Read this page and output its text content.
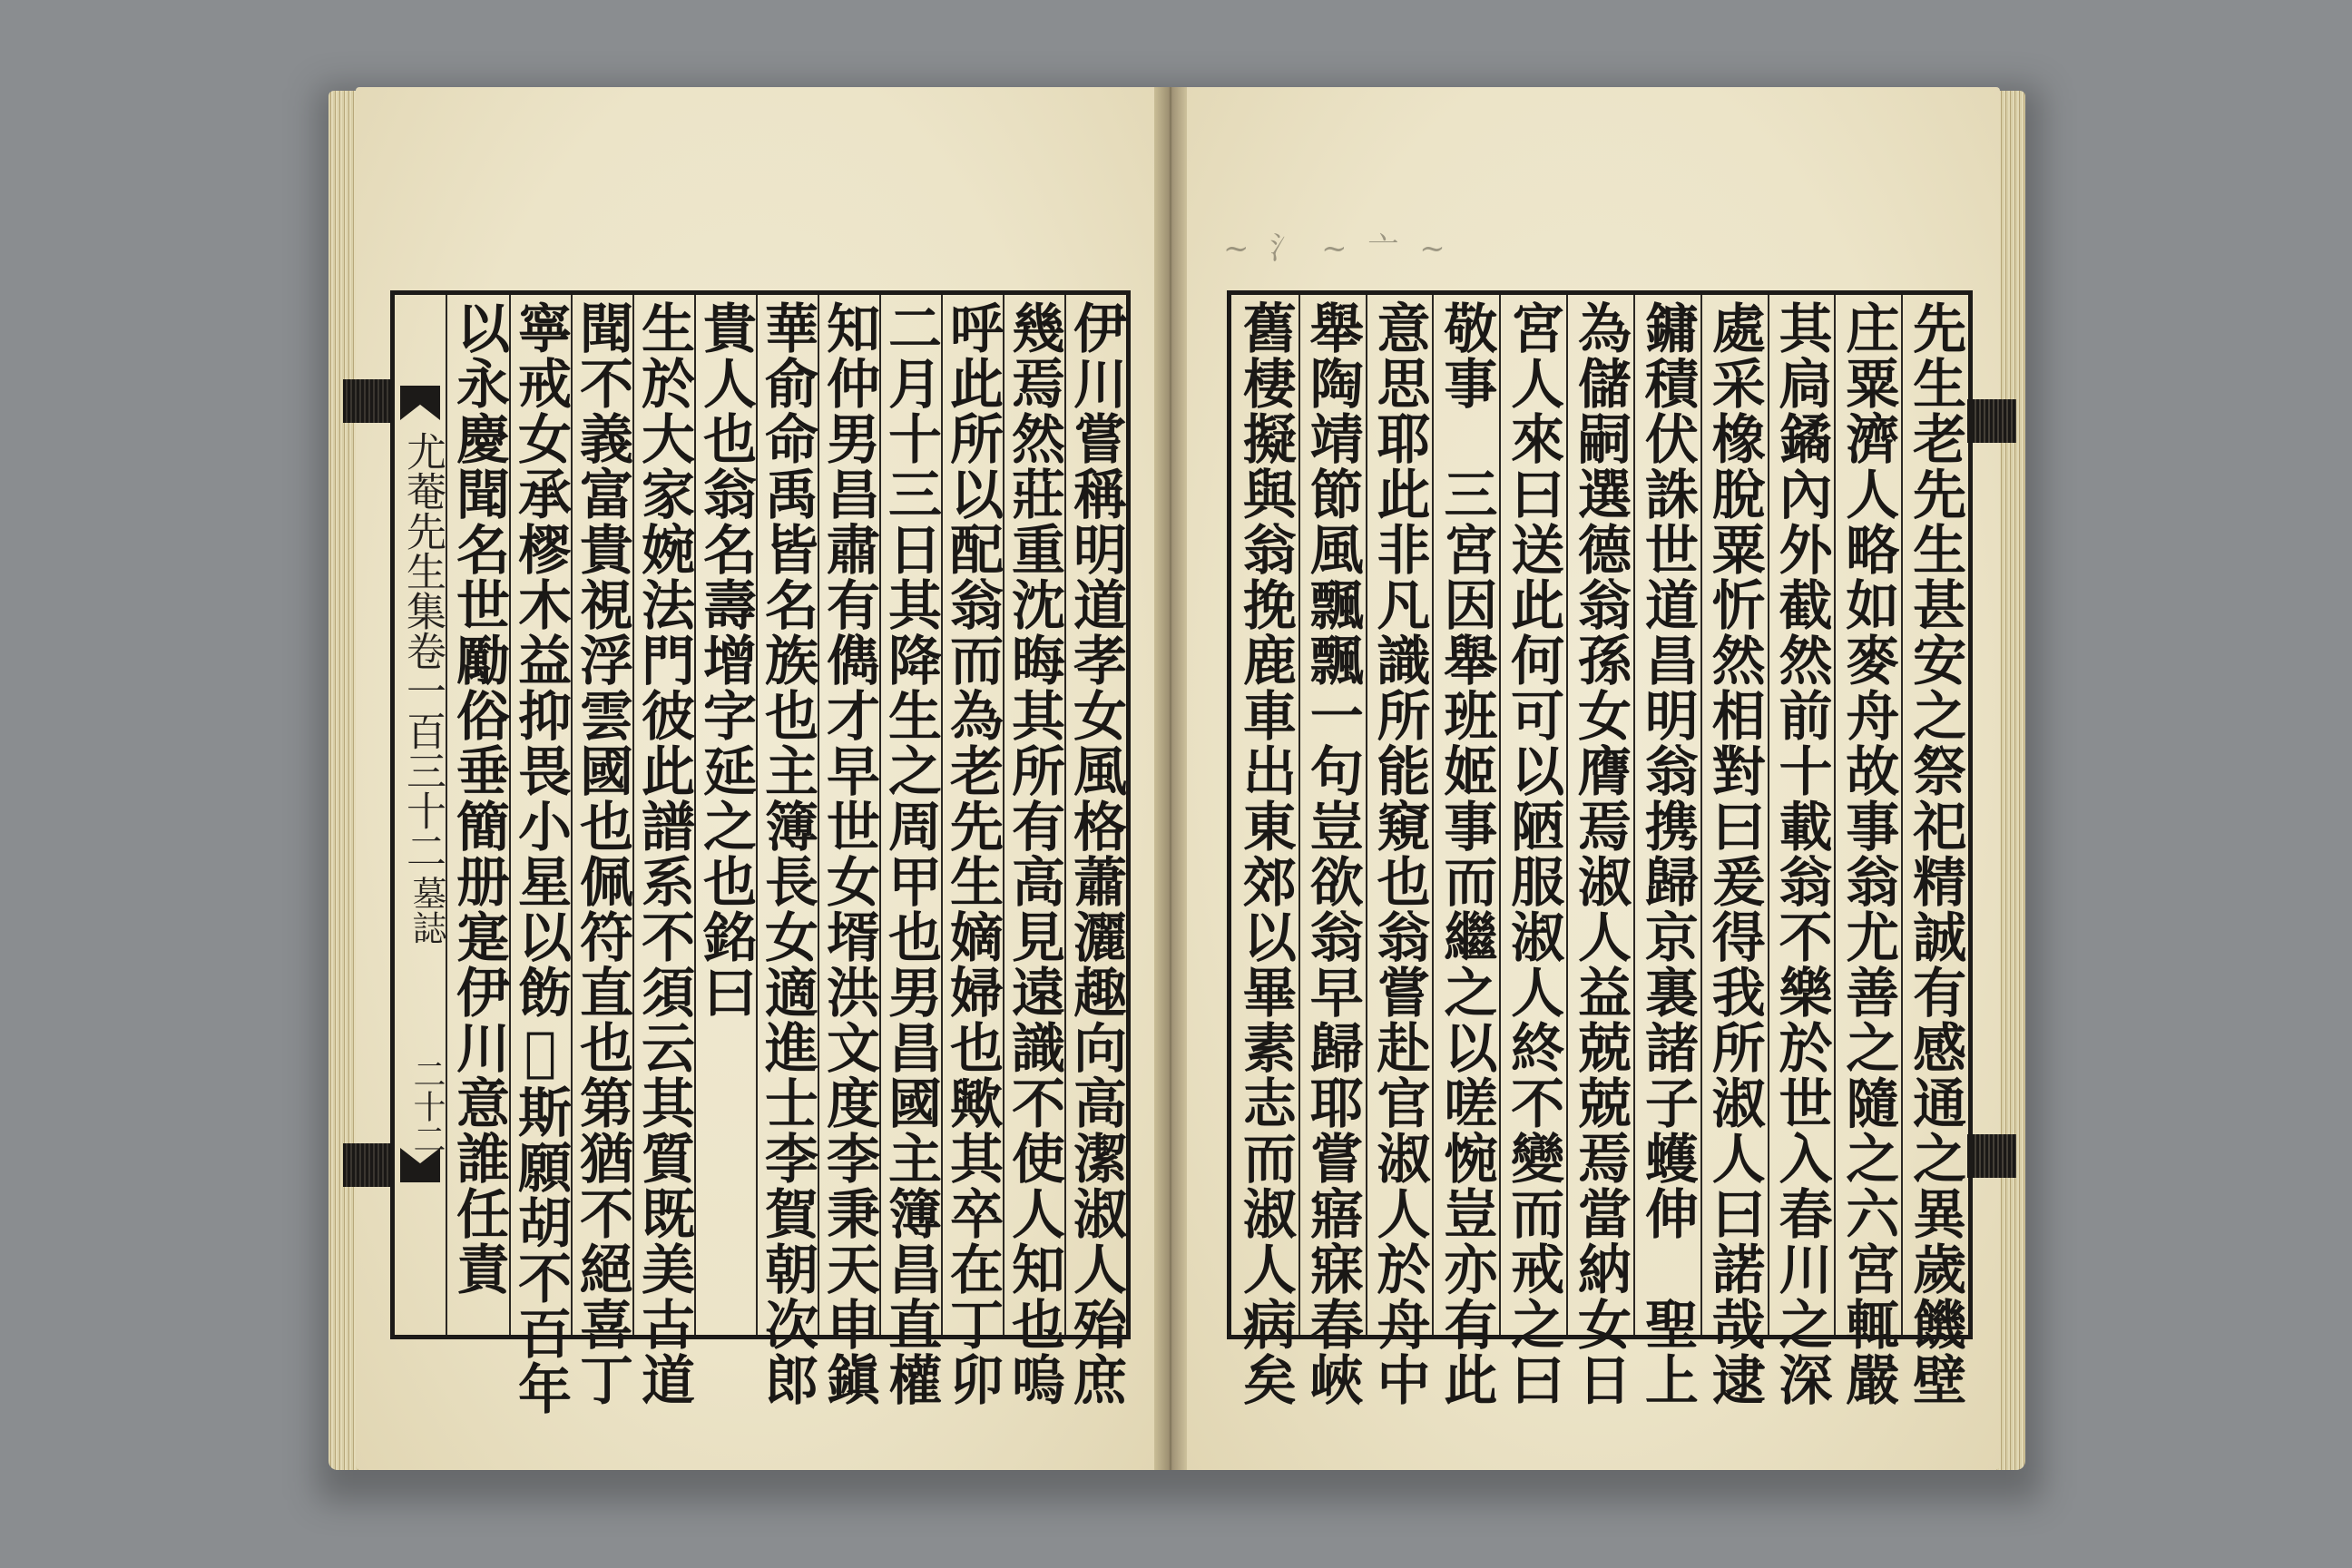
~ 氵 ~ 亠 ~
尤菴先生集卷一百三十二
墓誌
二十二	伊川嘗稱明道孝女風格蕭灑趣向高潔淑人殆庶
幾焉然莊重沈晦其所有高見遠識不使人知也嗚
呼此所以配翁而為老先生嫡婦也歟其卒在丁卯
二月十三日其降生之周甲也男昌國主簿昌直權
知仲男昌肅有儁才早世女壻洪文度李秉天申鎭
華俞命禹皆名族也主簿長女適進士李賀朝次郎
貴人也翁名壽增字延之也銘曰
生於大家婉法門彼此譜系不須云其質既美古道
聞不義富貴視浮雲國也佩符直也第猶不絕喜丁
寧戒女承樛木益抑畏小星以飭𠎝斯願胡不百年
以永慶聞名世勵俗垂簡册寔伊川意誰任責	先生老先生甚安之祭祀精誠有感通之異歲饑壁
庄粟濟人略如麥舟故事翁尤善之隨之六宮輒嚴
其扃鐍內外截然前十載翁不樂於世入春川之深
處采橡脫粟忻然相對曰爰得我所淑人曰諾哉逮
鏞積伏誅世道昌明翁携歸京裏諸子蠖伸　聖上
為儲嗣選德翁孫女膺焉淑人益兢兢焉當納女日
宮人來曰送此何可以陋服淑人終不變而戒之曰
敬事　三宮因舉班姬事而繼之以嗟惋豈亦有此
意思耶此非凡識所能窺也翁嘗赴官淑人於舟中
舉陶靖節風飄飄一句豈欲翁早歸耶嘗寤寐春峽
舊棲擬與翁挽鹿車出東郊以畢素志而淑人病矣
